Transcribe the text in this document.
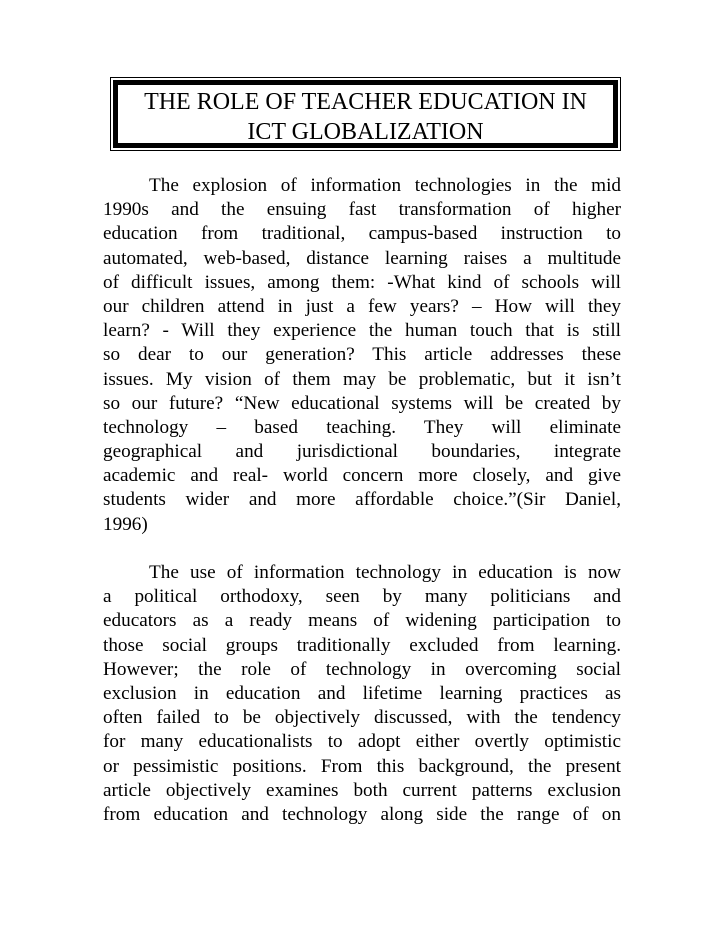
THE ROLE OF TEACHER EDUCATION IN
ICT GLOBALIZATION
The explosion of information technologies in the mid
1990s and the ensuing fast transformation of higher
education from traditional, campus-based instruction to
automated, web-based, distance learning raises a multitude
of difficult issues, among them: -What kind of schools will
our children attend in just a few years? – How will they
learn? - Will they experience the human touch that is still
so dear to our generation? This article addresses these
issues. My vision of them may be problematic, but it isn’t
so our future? “New educational systems will be created by
technology – based teaching. They will eliminate
geographical and jurisdictional boundaries, integrate
academic and real- world concern more closely, and give
students wider and more affordable choice.”(Sir Daniel,
1996)
The use of information technology in education is now
a political orthodoxy, seen by many politicians and
educators as a ready means of widening participation to
those social groups traditionally excluded from learning.
However; the role of technology in overcoming social
exclusion in education and lifetime learning practices as
often failed to be objectively discussed, with the tendency
for many educationalists to adopt either overtly optimistic
or pessimistic positions. From this background, the present
article objectively examines both current patterns exclusion
from education and technology along side the range of on
